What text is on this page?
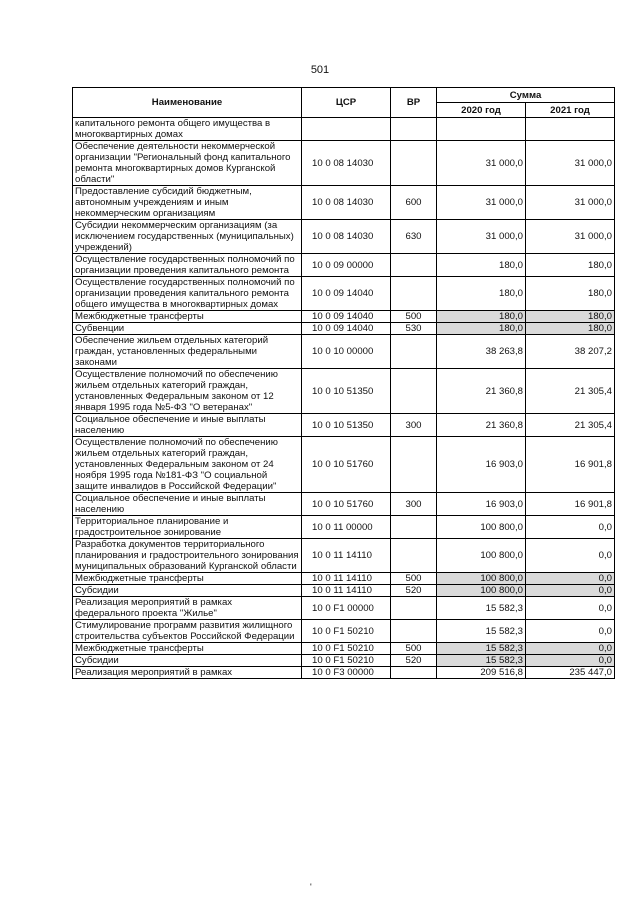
501
Наименование	ЦСР	ВР	Сумма	
			2020 год	2021 год
капитального ремонта общего имущества в многоквартирных домах				
Обеспечение деятельности некоммерческой организации "Региональный фонд капитального ремонта многоквартирных домов Курганской области"	10 0 08 14030		31 000,0	31 000,0
Предоставление субсидий бюджетным, автономным учреждениям и иным некоммерческим организациям	10 0 08 14030	600	31 000,0	31 000,0
Субсидии некоммерческим организациям (за исключением государственных (муниципальных) учреждений)	10 0 08 14030	630	31 000,0	31 000,0
Осуществление государственных полномочий по организации проведения капитального ремонта	10 0 09 00000		180,0	180,0
Осуществление государственных полномочий по организации проведения капитального ремонта общего имущества в многоквартирных домах	10 0 09 14040		180,0	180,0
Межбюджетные трансферты	10 0 09 14040	500	180,0	180,0
Субвенции	10 0 09 14040	530	180,0	180,0
Обеспечение жильем отдельных категорий граждан, установленных федеральными законами	10 0 10 00000		38 263,8	38 207,2
Осуществление полномочий по обеспечению жильем отдельных категорий граждан, установленных Федеральным законом от 12 января 1995 года №5-ФЗ "О ветеранах"	10 0 10 51350		21 360,8	21 305,4
Социальное обеспечение и иные выплаты населению	10 0 10 51350	300	21 360,8	21 305,4
Осуществление полномочий по обеспечению жильем отдельных категорий граждан, установленных Федеральным законом от 24 ноября 1995 года №181-ФЗ "О социальной защите инвалидов в Российской Федерации"	10 0 10 51760		16 903,0	16 901,8
Социальное обеспечение и иные выплаты населению	10 0 10 51760	300	16 903,0	16 901,8
Территориальное планирование и градостроительное зонирование	10 0 11 00000		100 800,0	0,0
Разработка документов территориального планирования и градостроительного зонирования муниципальных образований Курганской области	10 0 11 14110		100 800,0	0,0
Межбюджетные трансферты	10 0 11 14110	500	100 800,0	0,0
Субсидии	10 0 11 14110	520	100 800,0	0,0
Реализация мероприятий в рамках федерального проекта "Жилье"	10 0 F1 00000		15 582,3	0,0
Стимулирование программ развития жилищного строительства субъектов Российской Федерации	10 0 F1 50210		15 582,3	0,0
Межбюджетные трансферты	10 0 F1 50210	500	15 582,3	0,0
Субсидии	10 0 F1 50210	520	15 582,3	0,0
Реализация мероприятий в рамках	10 0 F3 00000		209 516,8	235 447,0
'
